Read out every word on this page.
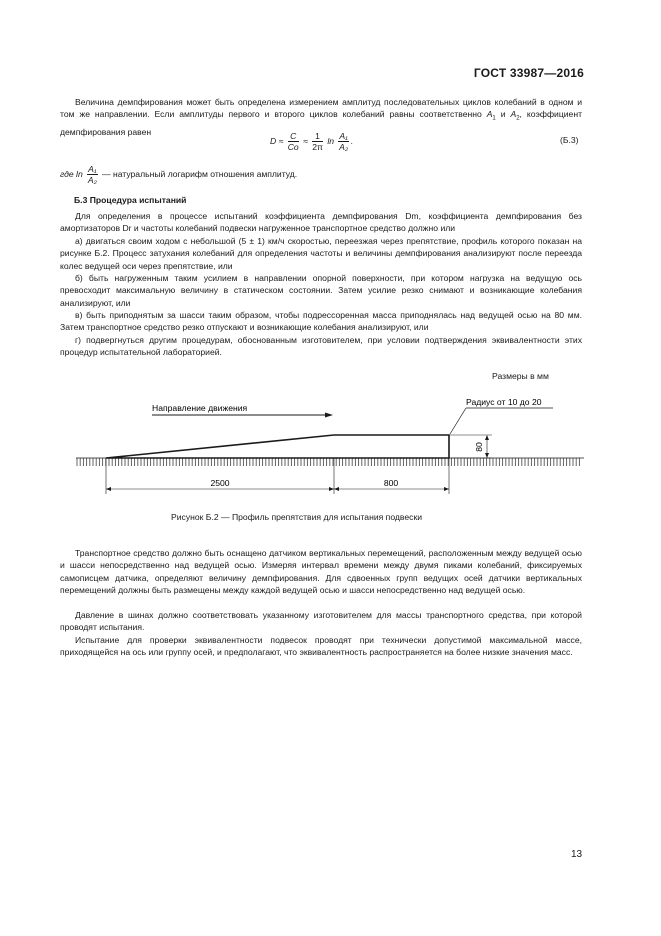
ГОСТ 33987—2016
Величина демпфирования может быть определена измерением амплитуд последовательных циклов колебаний в одном и том же направлении. Если амплитуды первого и второго циклов колебаний равны соответственно $A_1$ и $A_2$, коэффициент демпфирования равен
$D \approx \frac{C}{Co} \approx \frac{1}{2\pi}$ $\ln \frac{\text{A₁}}{\text{A₂}}$ .	(Б.3)
где $\ln \frac{\text{A₁}}{\text{A₂}}$ — натуральный логарифм отношения амплитуд.
Б.3 Процедура испытаний
Для определения в процессе испытаний коэффициента демпфирования Dm, коэффициента демпфирования без амортизаторов Dr и частоты колебаний подвески нагруженное транспортное средство должно или
а) двигаться своим ходом с небольшой (5 ± 1) км/ч скоростью, переезжая через препятствие, профиль которого показан на рисунке Б.2. Процесс затухания колебаний для определения частоты и величины демпфирования анализируют после переезда колес ведущей оси через препятствие, или
б) быть нагруженным таким усилием в направлении опорной поверхности, при котором нагрузка на ведущую ось превосходит максимальную величину в статическом состоянии. Затем усилие резко снимают и возникающие колебания анализируют, или
в) быть приподнятым за шасси таким образом, чтобы подрессоренная масса приподнялась над ведущей осью на 80 мм. Затем транспортное средство резко отпускают и возникающие колебания анализируют, или
г) подвергнуться другим процедурам, обоснованным изготовителем, при условии подтверждения эквивалентности этих процедур испытательной лабораторией.
Размеры в мм
Направление движения
Радиус от 10 до 20
80
2500	800
Рисунок Б.2 — Профиль препятствия для испытания подвески
Транспортное средство должно быть оснащено датчиком вертикальных перемещений, расположенным между ведущей осью и шасси непосредственно над ведущей осью. Измеряя интервал времени между двумя пиками колебаний, фиксируемых самописцем датчика, определяют величину демпфирования. Для сдвоенных групп ведущих осей датчики вертикальных перемещений должны быть размещены между каждой ведущей осью и шасси непосредственно над ведущей осью.
Давление в шинах должно соответствовать указанному изготовителем для массы транспортного средства, при которой проводят испытания.
Испытание для проверки эквивалентности подвесок проводят при технически допустимой максимальной массе, приходящейся на ось или группу осей, и предполагают, что эквивалентность распространяется на более низкие значения масс.
13
